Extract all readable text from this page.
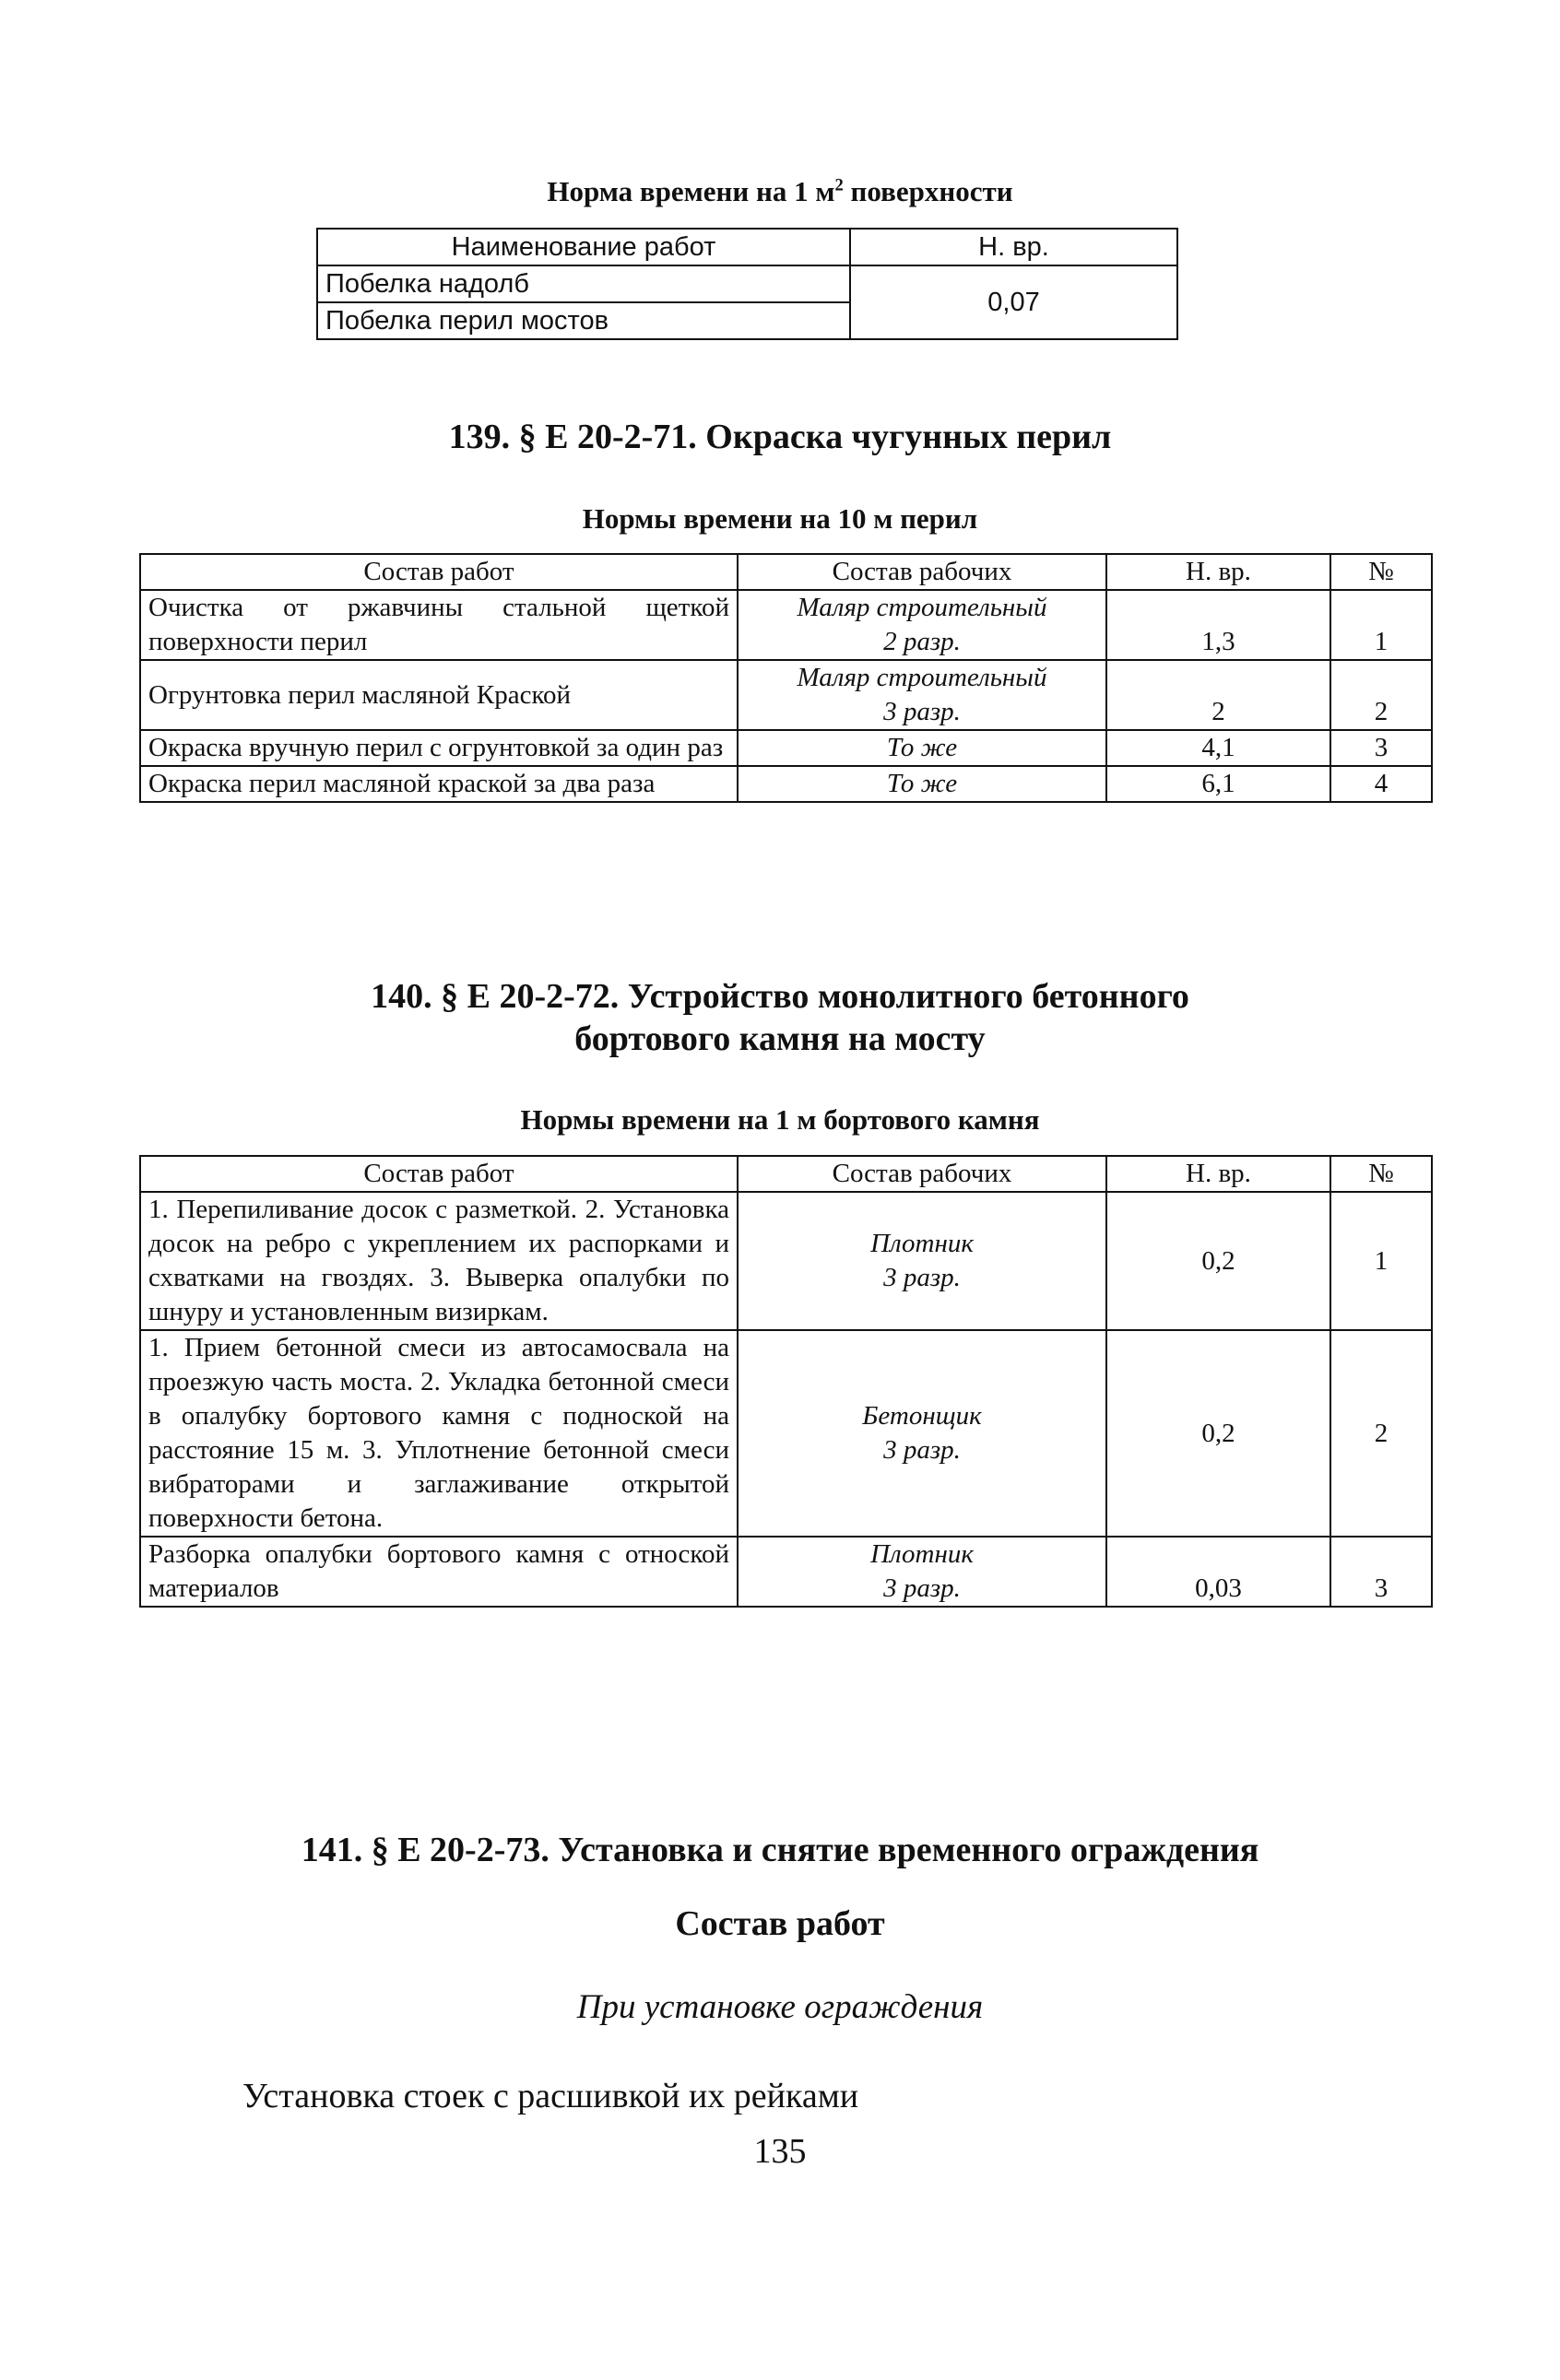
Норма времени на 1 $м^2$ поверхности
Наименование работ	Н. вр.
Побелка надолб	0,07
Побелка перил мостов	
139. § Е 20-2-71. Окраска чугунных перил
Нормы времени на 10 м перил
Состав работ	Состав рабочих	Н. вр.	№
Очистка от ржавчины стальной щеткой поверхности перил	Маляр строительный
2 разр.	1,3	1
Огрунтовка перил масляной Краской	Маляр строительный
3 разр.	2	2
Окраска вручную перил с огрунтовкой за один раз	То же	4,1	3
Окраска перил масляной краской за два раза	То же	6,1	4
140. § Е 20-2-72. Устройство монолитного бетонного
бортового камня на мосту
Нормы времени на 1 м бортового камня
Состав работ	Состав рабочих	Н. вр.	№
1. Перепиливание досок с разметкой. 2. Установка досок на ребро с укреплением их распорками и схватками на гвоздях. 3. Выверка опалубки по шнуру и установленным визиркам.	Плотник
3 разр.	0,2	1
1. Прием бетонной смеси из автосамосвала на проезжую часть моста. 2. Укладка бетонной смеси в опалубку бортового камня с подноской на расстояние 15 м. 3. Уплотнение бетонной смеси вибраторами и заглаживание открытой поверхности бетона.	Бетонщик
3 разр.	0,2	2
Разборка опалубки бортового камня с отноской материалов	Плотник
3 разр.	0,03	3
141. § Е 20-2-73. Установка и снятие временного ограждения
Состав работ
При установке ограждения
Установка стоек с расшивкой их рейками
135
